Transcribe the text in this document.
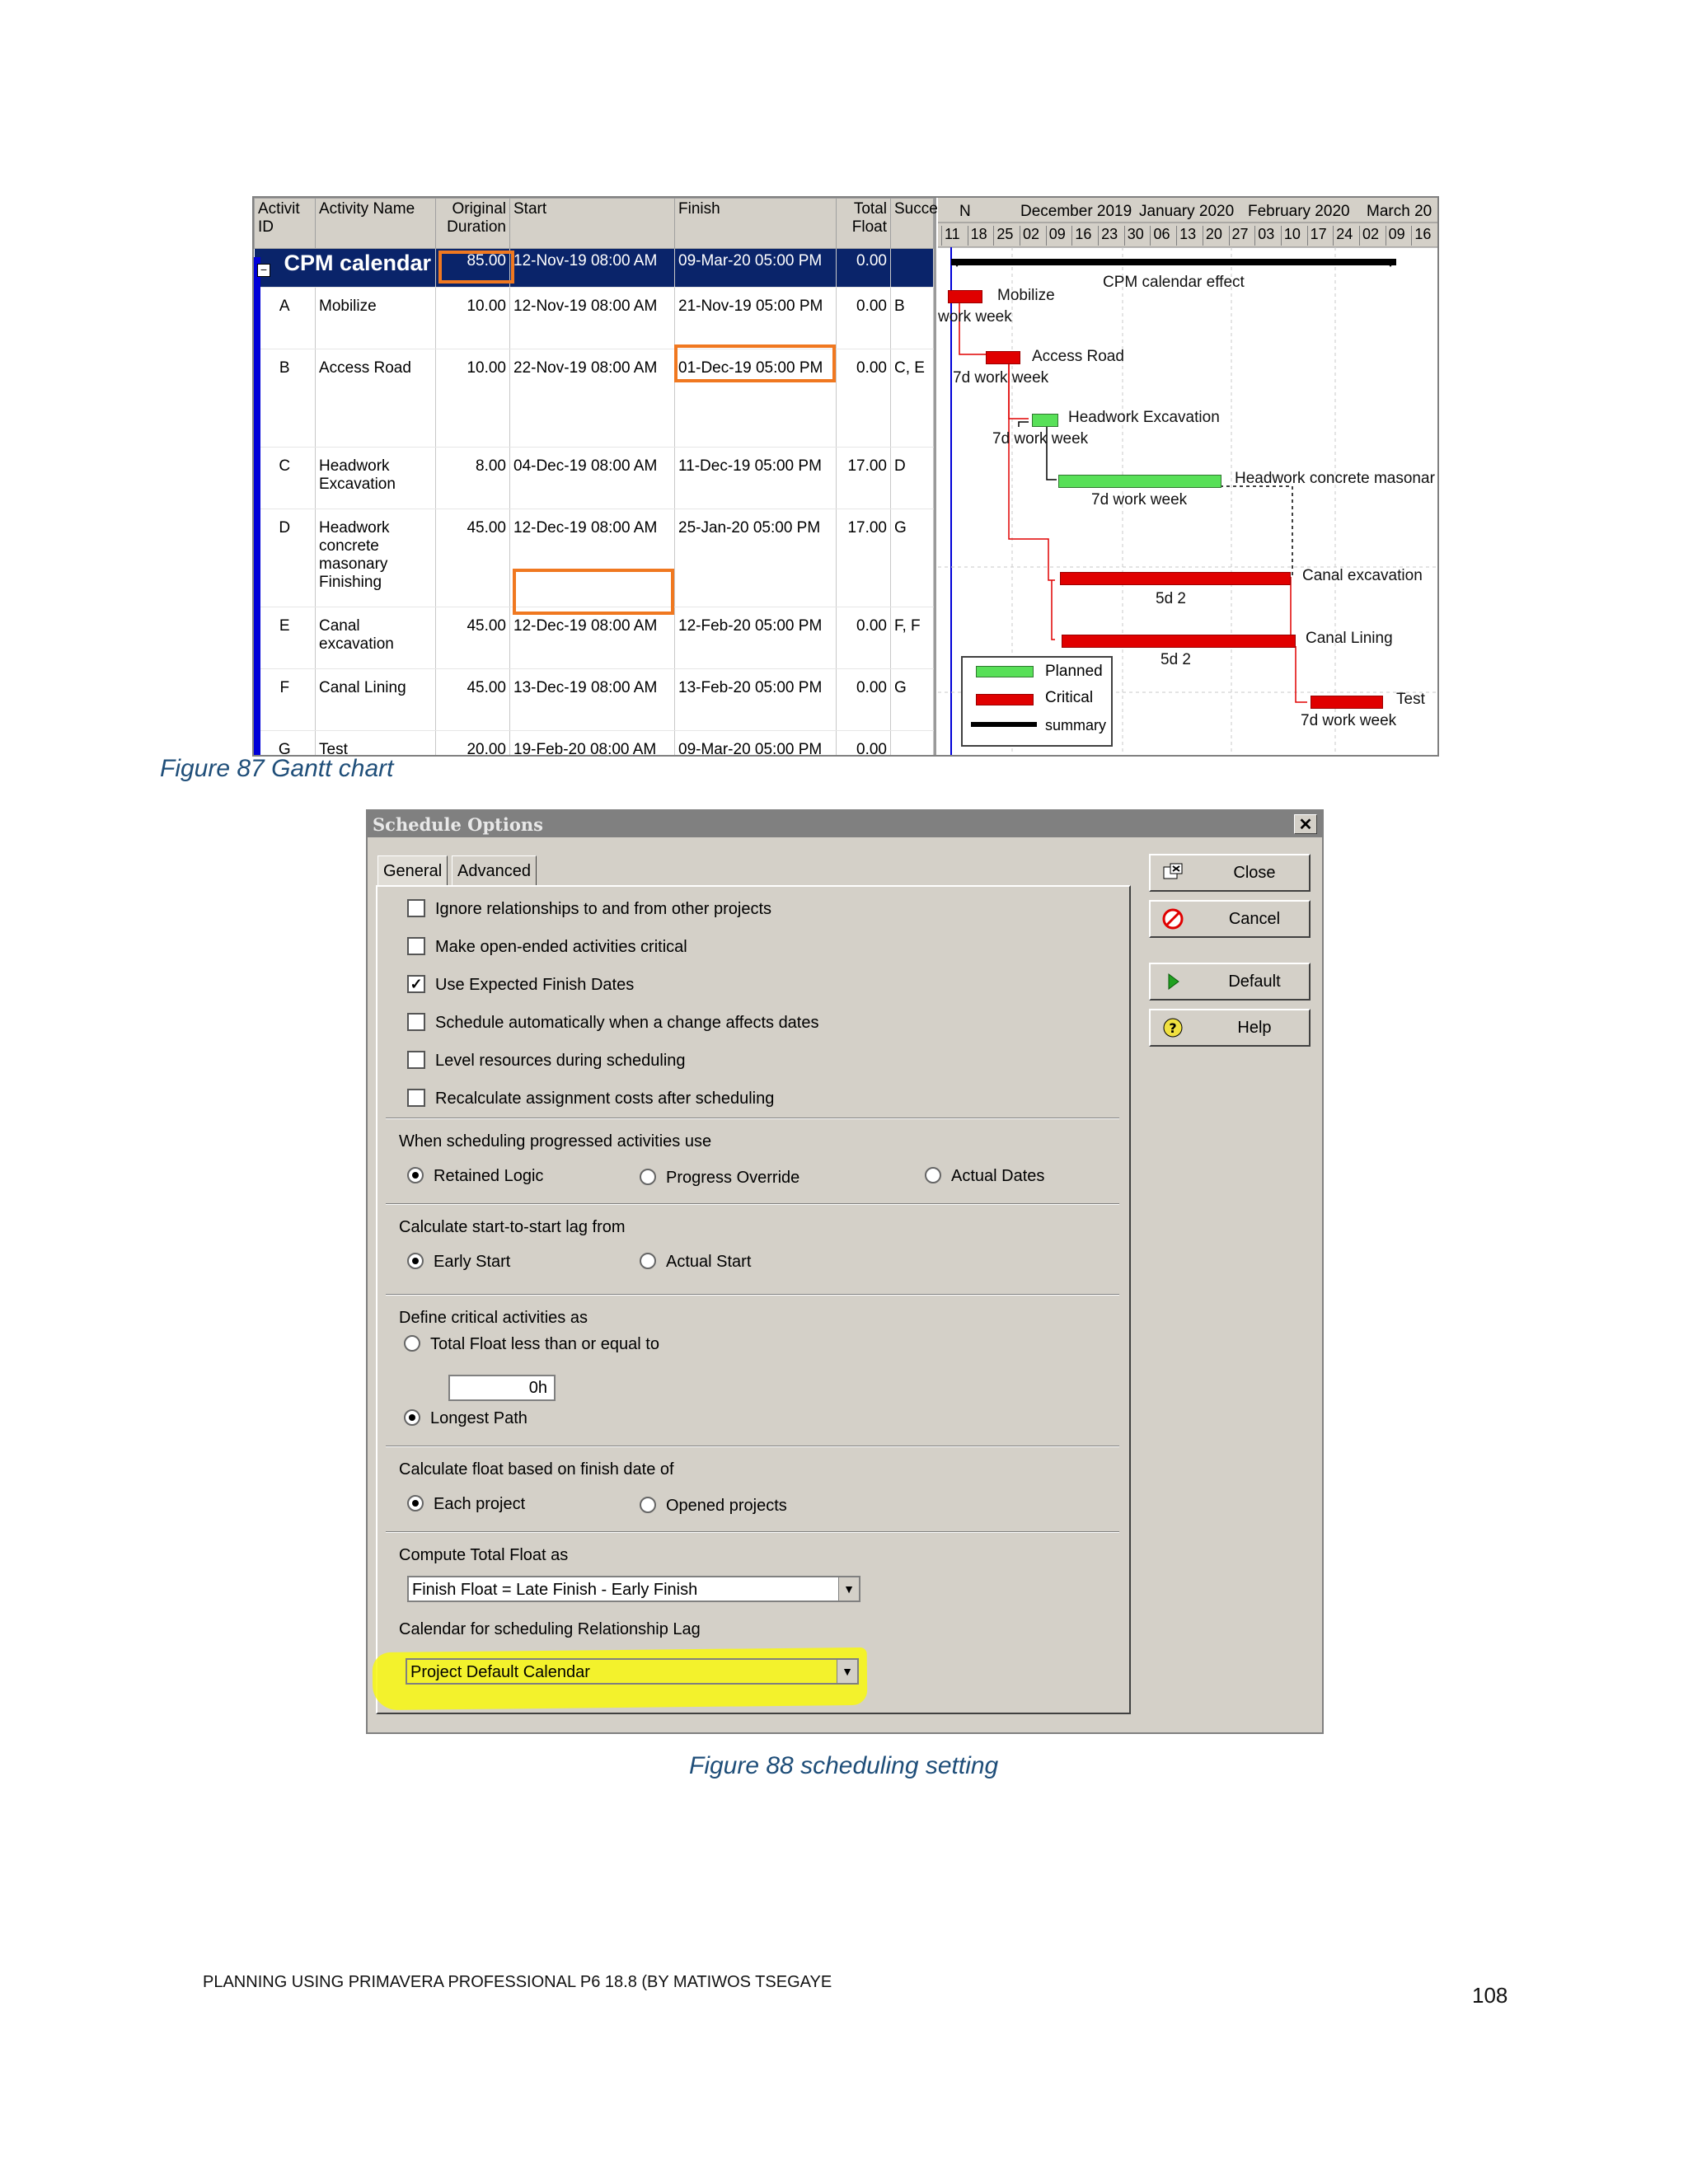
Activit ID	Activity Name	Original Duration	Start	Finish	Total Float	Succe
CPM calendar		85.00	12-Nov-19 08:00 AM	09-Mar-20 05:00 PM	0.00	
A	Mobilize	10.00	12-Nov-19 08:00 AM	21-Nov-19 05:00 PM	0.00	B
B	Access Road	10.00	22-Nov-19 08:00 AM	01-Dec-19 05:00 PM	0.00	C, E
C	Headwork Excavation	8.00	04-Dec-19 08:00 AM	11-Dec-19 05:00 PM	17.00	D
D	Headwork concrete masonary Finishing	45.00	12-Dec-19 08:00 AM	25-Jan-20 05:00 PM	17.00	G
E	Canal excavation	45.00	12-Dec-19 08:00 AM	12-Feb-20 05:00 PM	0.00	F, F
F	Canal Lining	45.00	13-Dec-19 08:00 AM	13-Feb-20 05:00 PM	0.00	G
G	Test	20.00	19-Feb-20 08:00 AM	09-Mar-20 05:00 PM	0.00	
−
N	December 2019 January 2020 February 2020 March 20
11 18 25 02 09 16 23 30 06 13 20 27 03 10 17 24 02 09 16
CPM calendar effect
Mobilize
work week
Access Road
7d work week
Headwork Excavation
7d work week
Headwork concrete masonar
7d work week
Canal excavation
5d 2
Canal Lining
5d 2
Test
7d work week
Planned
Critical
summary
Figure 87 Gantt chart
Schedule Options	✕
General Advanced
Ignore relationships to and from other projects
Make open-ended activities critical
✓ Use Expected Finish Dates
Schedule automatically when a change affects dates
Level resources during scheduling
Recalculate assignment costs after scheduling
When scheduling progressed activities use
Retained Logic	Progress Override	Actual Dates
Calculate start-to-start lag from
Early Start	Actual Start
Define critical activities as
Total Float less than or equal to
0h
Longest Path
Calculate float based on finish date of
Each project	Opened projects
Compute Total Float as
Finish Float = Late Finish - Early Finish	▼
Calendar for scheduling Relationship Lag
Project Default Calendar	▼
Close
Cancel
Default
?	Help
Figure 88 scheduling setting
PLANNING USING PRIMAVERA PROFESSIONAL P6 18.8 (BY MATIWOS TSEGAYE
108
